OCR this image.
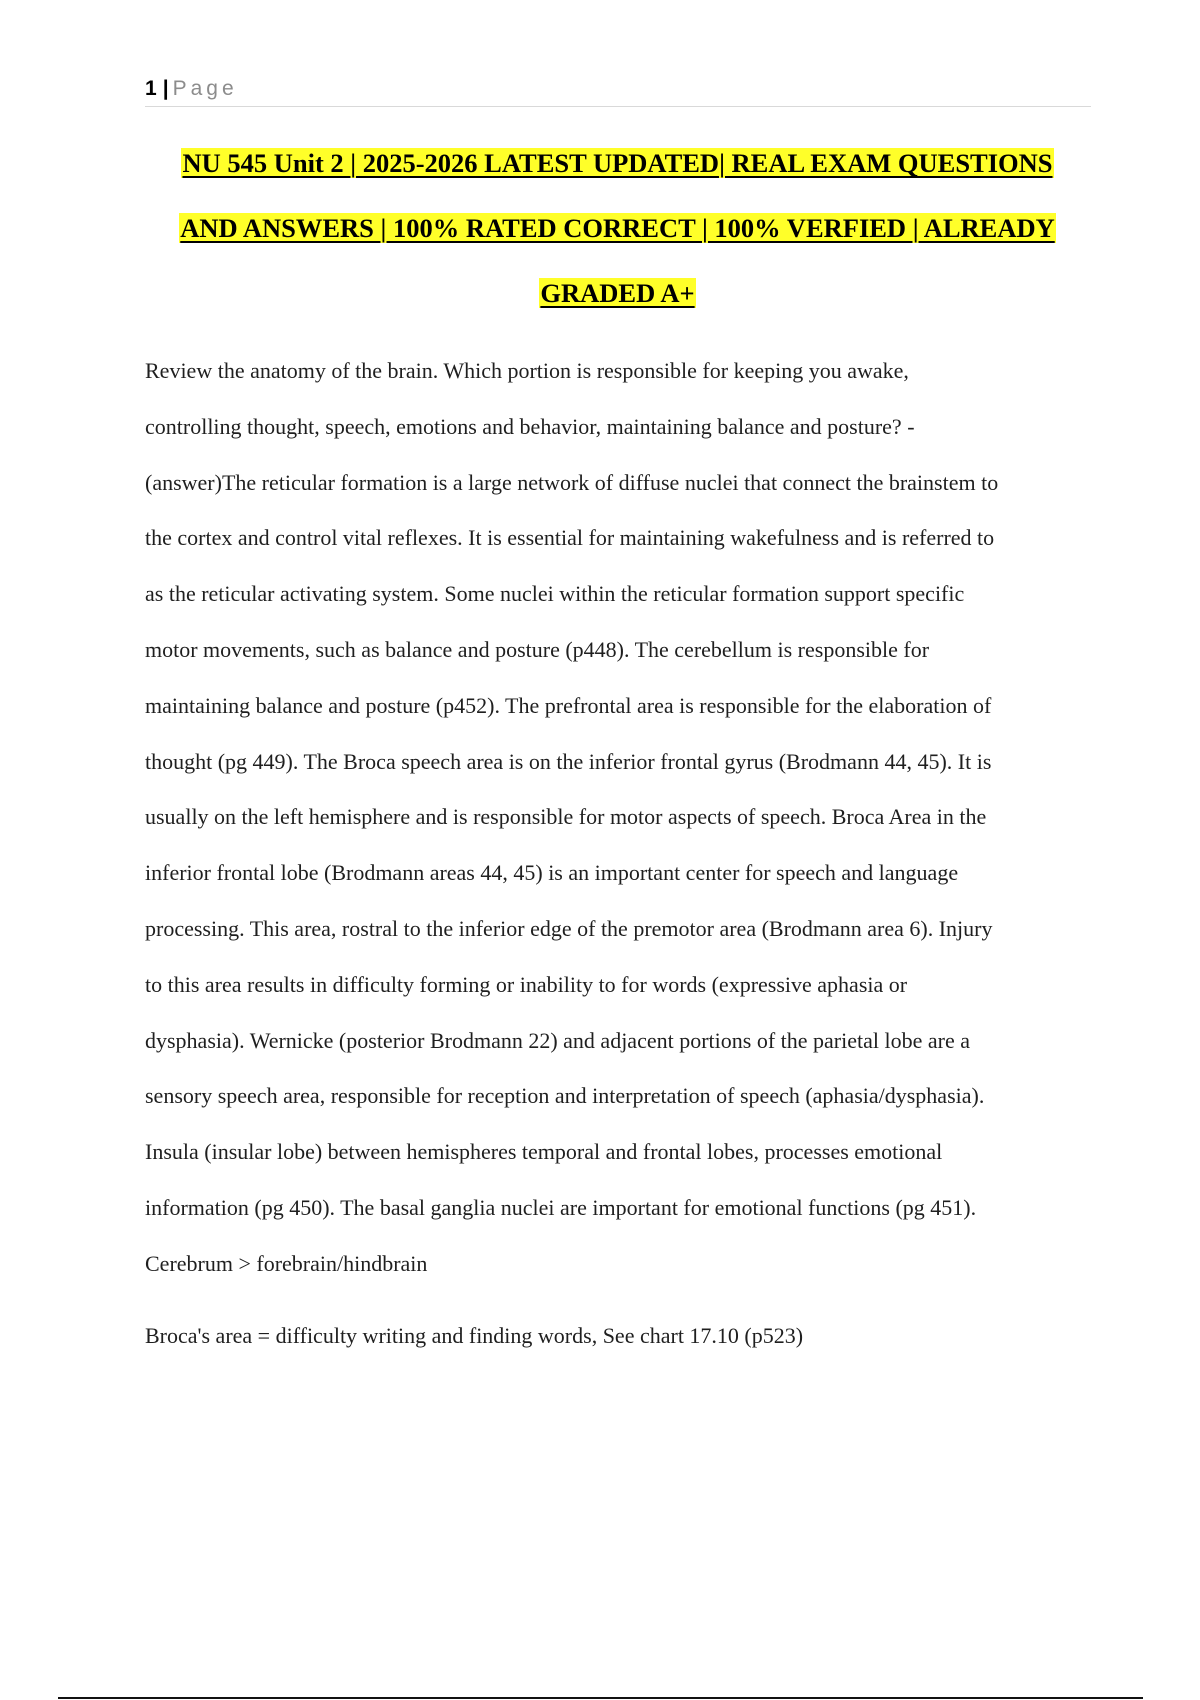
1 | Page
NU 545 Unit 2 | 2025-2026 LATEST UPDATED| REAL EXAM QUESTIONS
AND ANSWERS | 100% RATED CORRECT | 100% VERFIED | ALREADY
GRADED A+
Review the anatomy of the brain. Which portion is responsible for keeping you awake,
controlling thought, speech, emotions and behavior, maintaining balance and posture? -
(answer)The reticular formation is a large network of diffuse nuclei that connect the brainstem to
the cortex and control vital reflexes. It is essential for maintaining wakefulness and is referred to
as the reticular activating system. Some nuclei within the reticular formation support specific
motor movements, such as balance and posture (p448). The cerebellum is responsible for
maintaining balance and posture (p452). The prefrontal area is responsible for the elaboration of
thought (pg 449). The Broca speech area is on the inferior frontal gyrus (Brodmann 44, 45). It is
usually on the left hemisphere and is responsible for motor aspects of speech. Broca Area in the
inferior frontal lobe (Brodmann areas 44, 45) is an important center for speech and language
processing. This area, rostral to the inferior edge of the premotor area (Brodmann area 6). Injury
to this area results in difficulty forming or inability to for words (expressive aphasia or
dysphasia). Wernicke (posterior Brodmann 22) and adjacent portions of the parietal lobe are a
sensory speech area, responsible for reception and interpretation of speech (aphasia/dysphasia).
Insula (insular lobe) between hemispheres temporal and frontal lobes, processes emotional
information (pg 450). The basal ganglia nuclei are important for emotional functions (pg 451).
Cerebrum > forebrain/hindbrain
Broca's area = difficulty writing and finding words, See chart 17.10 (p523)
